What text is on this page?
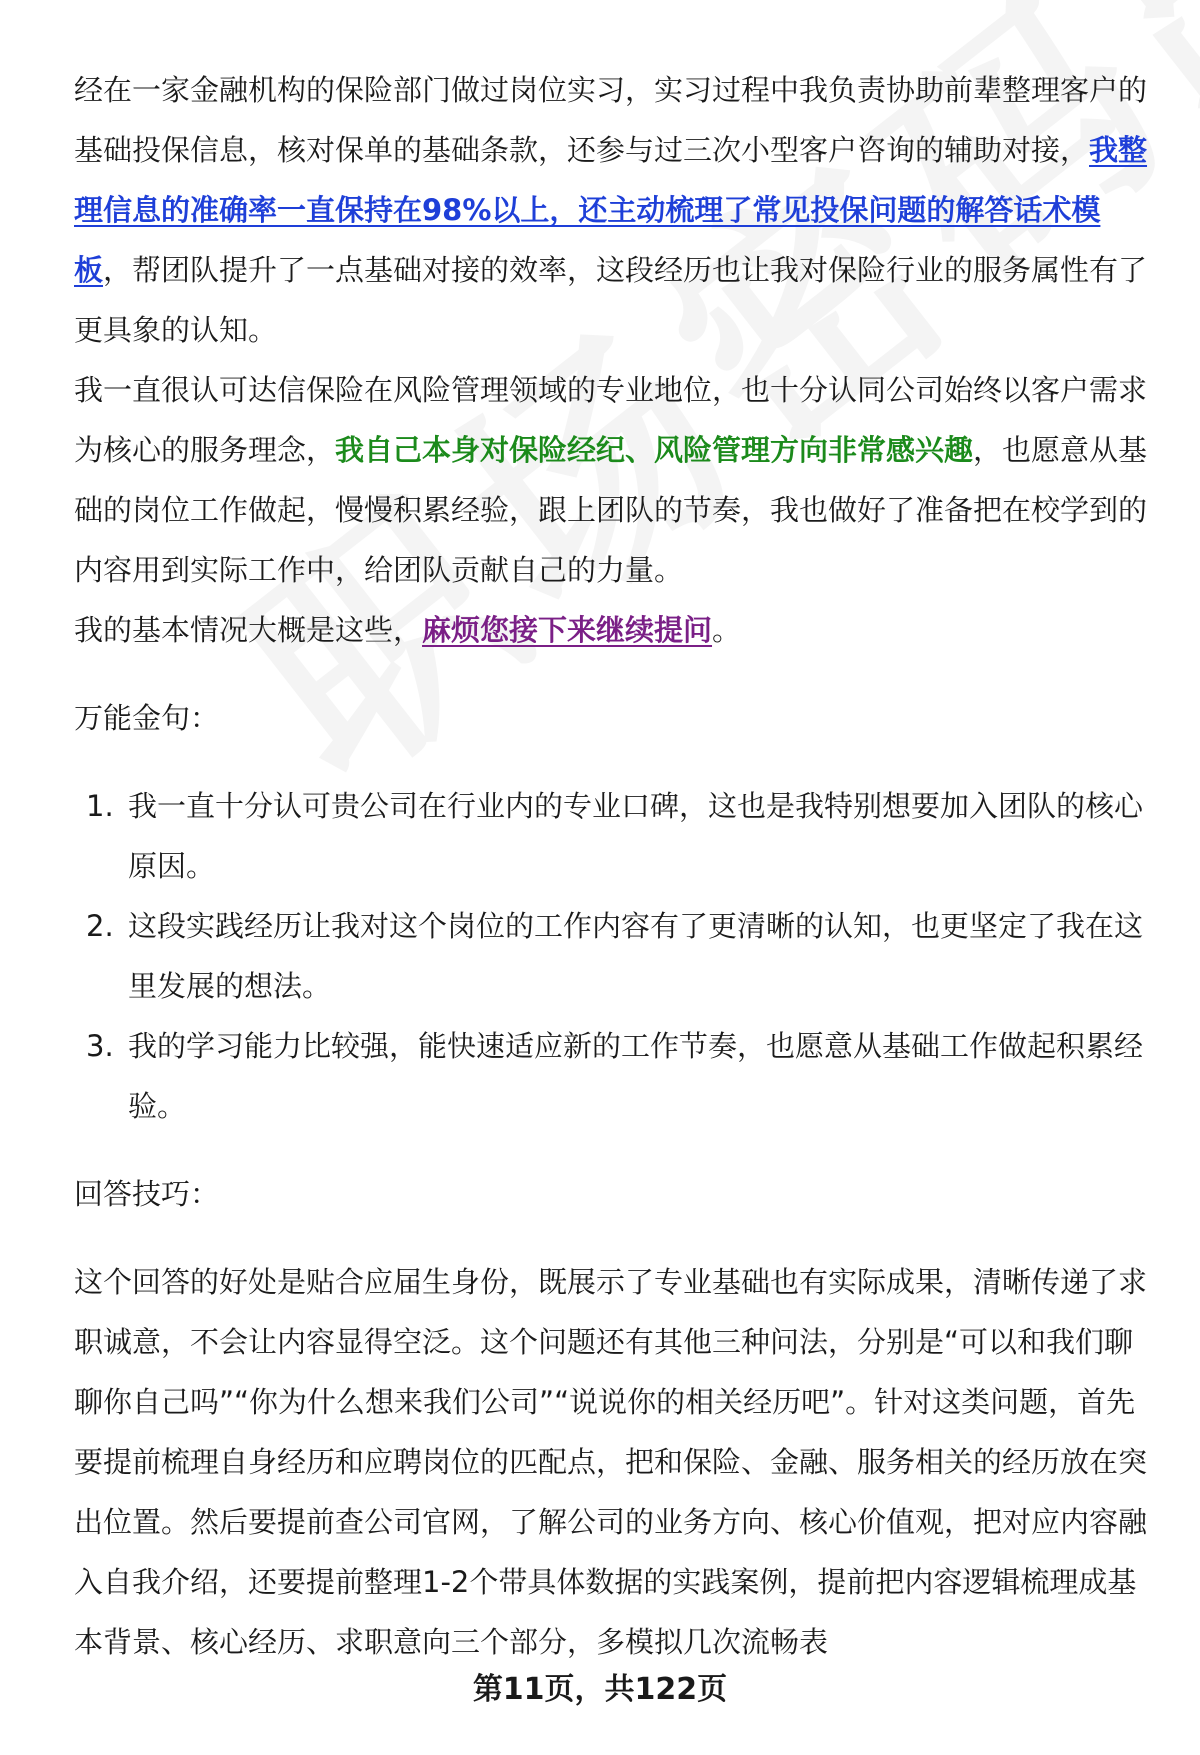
经在一家金融机构的保险部门做过岗位实习，实习过程中我负责协助前辈整理客户的基础投保信息，核对保单的基础条款，还参与过三次小型客户咨询的辅助对接，我整理信息的准确率一直保持在98%以上，还主动梳理了常见投保问题的解答话术模板，帮团队提升了一点基础对接的效率，这段经历也让我对保险行业的服务属性有了更具象的认知。

我一直很认可达信保险在风险管理领域的专业地位，也十分认同公司始终以客户需求为核心的服务理念，我自己本身对保险经纪、风险管理方向非常感兴趣，也愿意从基础的岗位工作做起，慢慢积累经验，跟上团队的节奏，我也做好了准备把在校学到的内容用到实际工作中，给团队贡献自己的力量。

我的基本情况大概是这些，麻烦您接下来继续提问。

万能金句：

1. 我一直十分认可贵公司在行业内的专业口碑，这也是我特别想要加入团队的核心原因。
2. 这段实践经历让我对这个岗位的工作内容有了更清晰的认知，也更坚定了我在这里发展的想法。
3. 我的学习能力比较强，能快速适应新的工作节奏，也愿意从基础工作做起积累经验。

回答技巧：

这个回答的好处是贴合应届生身份，既展示了专业基础也有实际成果，清晰传递了求职诚意，不会让内容显得空泛。这个问题还有其他三种问法，分别是“可以和我们聊聊你自己吗”“你为什么想来我们公司”“说说你的相关经历吧”。针对这类问题，首先要提前梳理自身经历和应聘岗位的匹配点，把和保险、金融、服务相关的经历放在突出位置。然后要提前查公司官网，了解公司的业务方向、核心价值观，把对应内容融入自我介绍，还要提前整理1-2个带具体数据的实践案例，提前把内容逻辑梳理成基本背景、核心经历、求职意向三个部分，多模拟几次流畅表

第11页，共122页
